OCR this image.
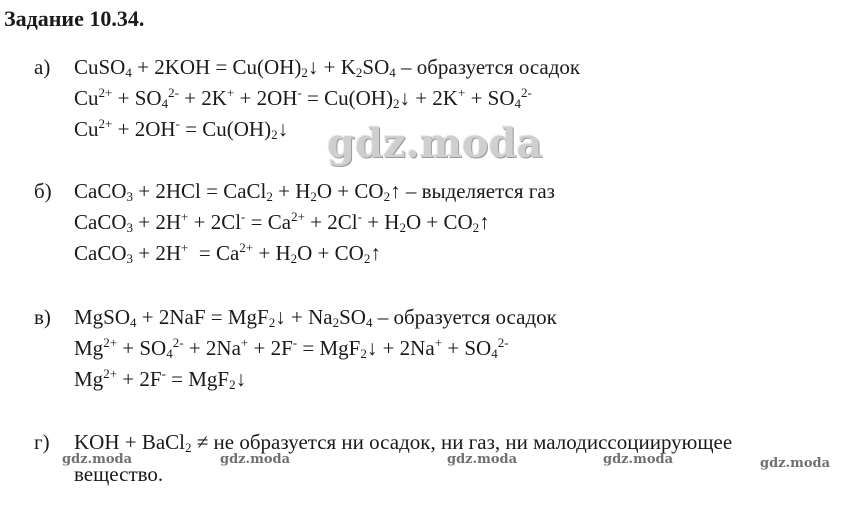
Задание 10.34.
а) CuSO$_4$ + $2KOH = Cu(OH)_2↓ + K_2SO_4$ – образуется осадок
$Cu^{2+} + SO_4^{2-} + 2K^+ + 2OH^-$ = $Cu(OH)_2↓ + 2K^+ + SO_4^{2-}$
$Cu^{2+} + 2OH^-$ = $Cu(OH)_2↓$
б) CaCO$_3$ + 2HCl = CaCl$_2$ + $H_2O$ + $CO_2↑$ – выделяется газ
CaCO$_3$ + $2H^+ + 2Cl^- = Ca^{2+} + 2Cl^- + H_2O$ + $CO_2↑$
CaCO$_3$ + $2H^+ = Ca^{2+} + H_2O$ + $CO_2↑$
в) MgSO$_4$ + 2NaF = MgF$_2$↓ + $Na_2SO_4$ – образуется осадок
$Mg^{2+} + SO_4^{2-} + 2Na^+ + 2F^-$ = MgF$_2$↓ + $2Na^+ + SO_4^{2-}$
$Mg^{2+} + 2F^-$ = MgF$_2$↓
г) KOH + BaCl$_2$ ≠ не образуется ни осадок, ни газ, ни малодиссоциирующее
вещество.
gdz.moda
gdz.moda	gdz.moda	gdz.moda	gdz.moda	gdz.moda
